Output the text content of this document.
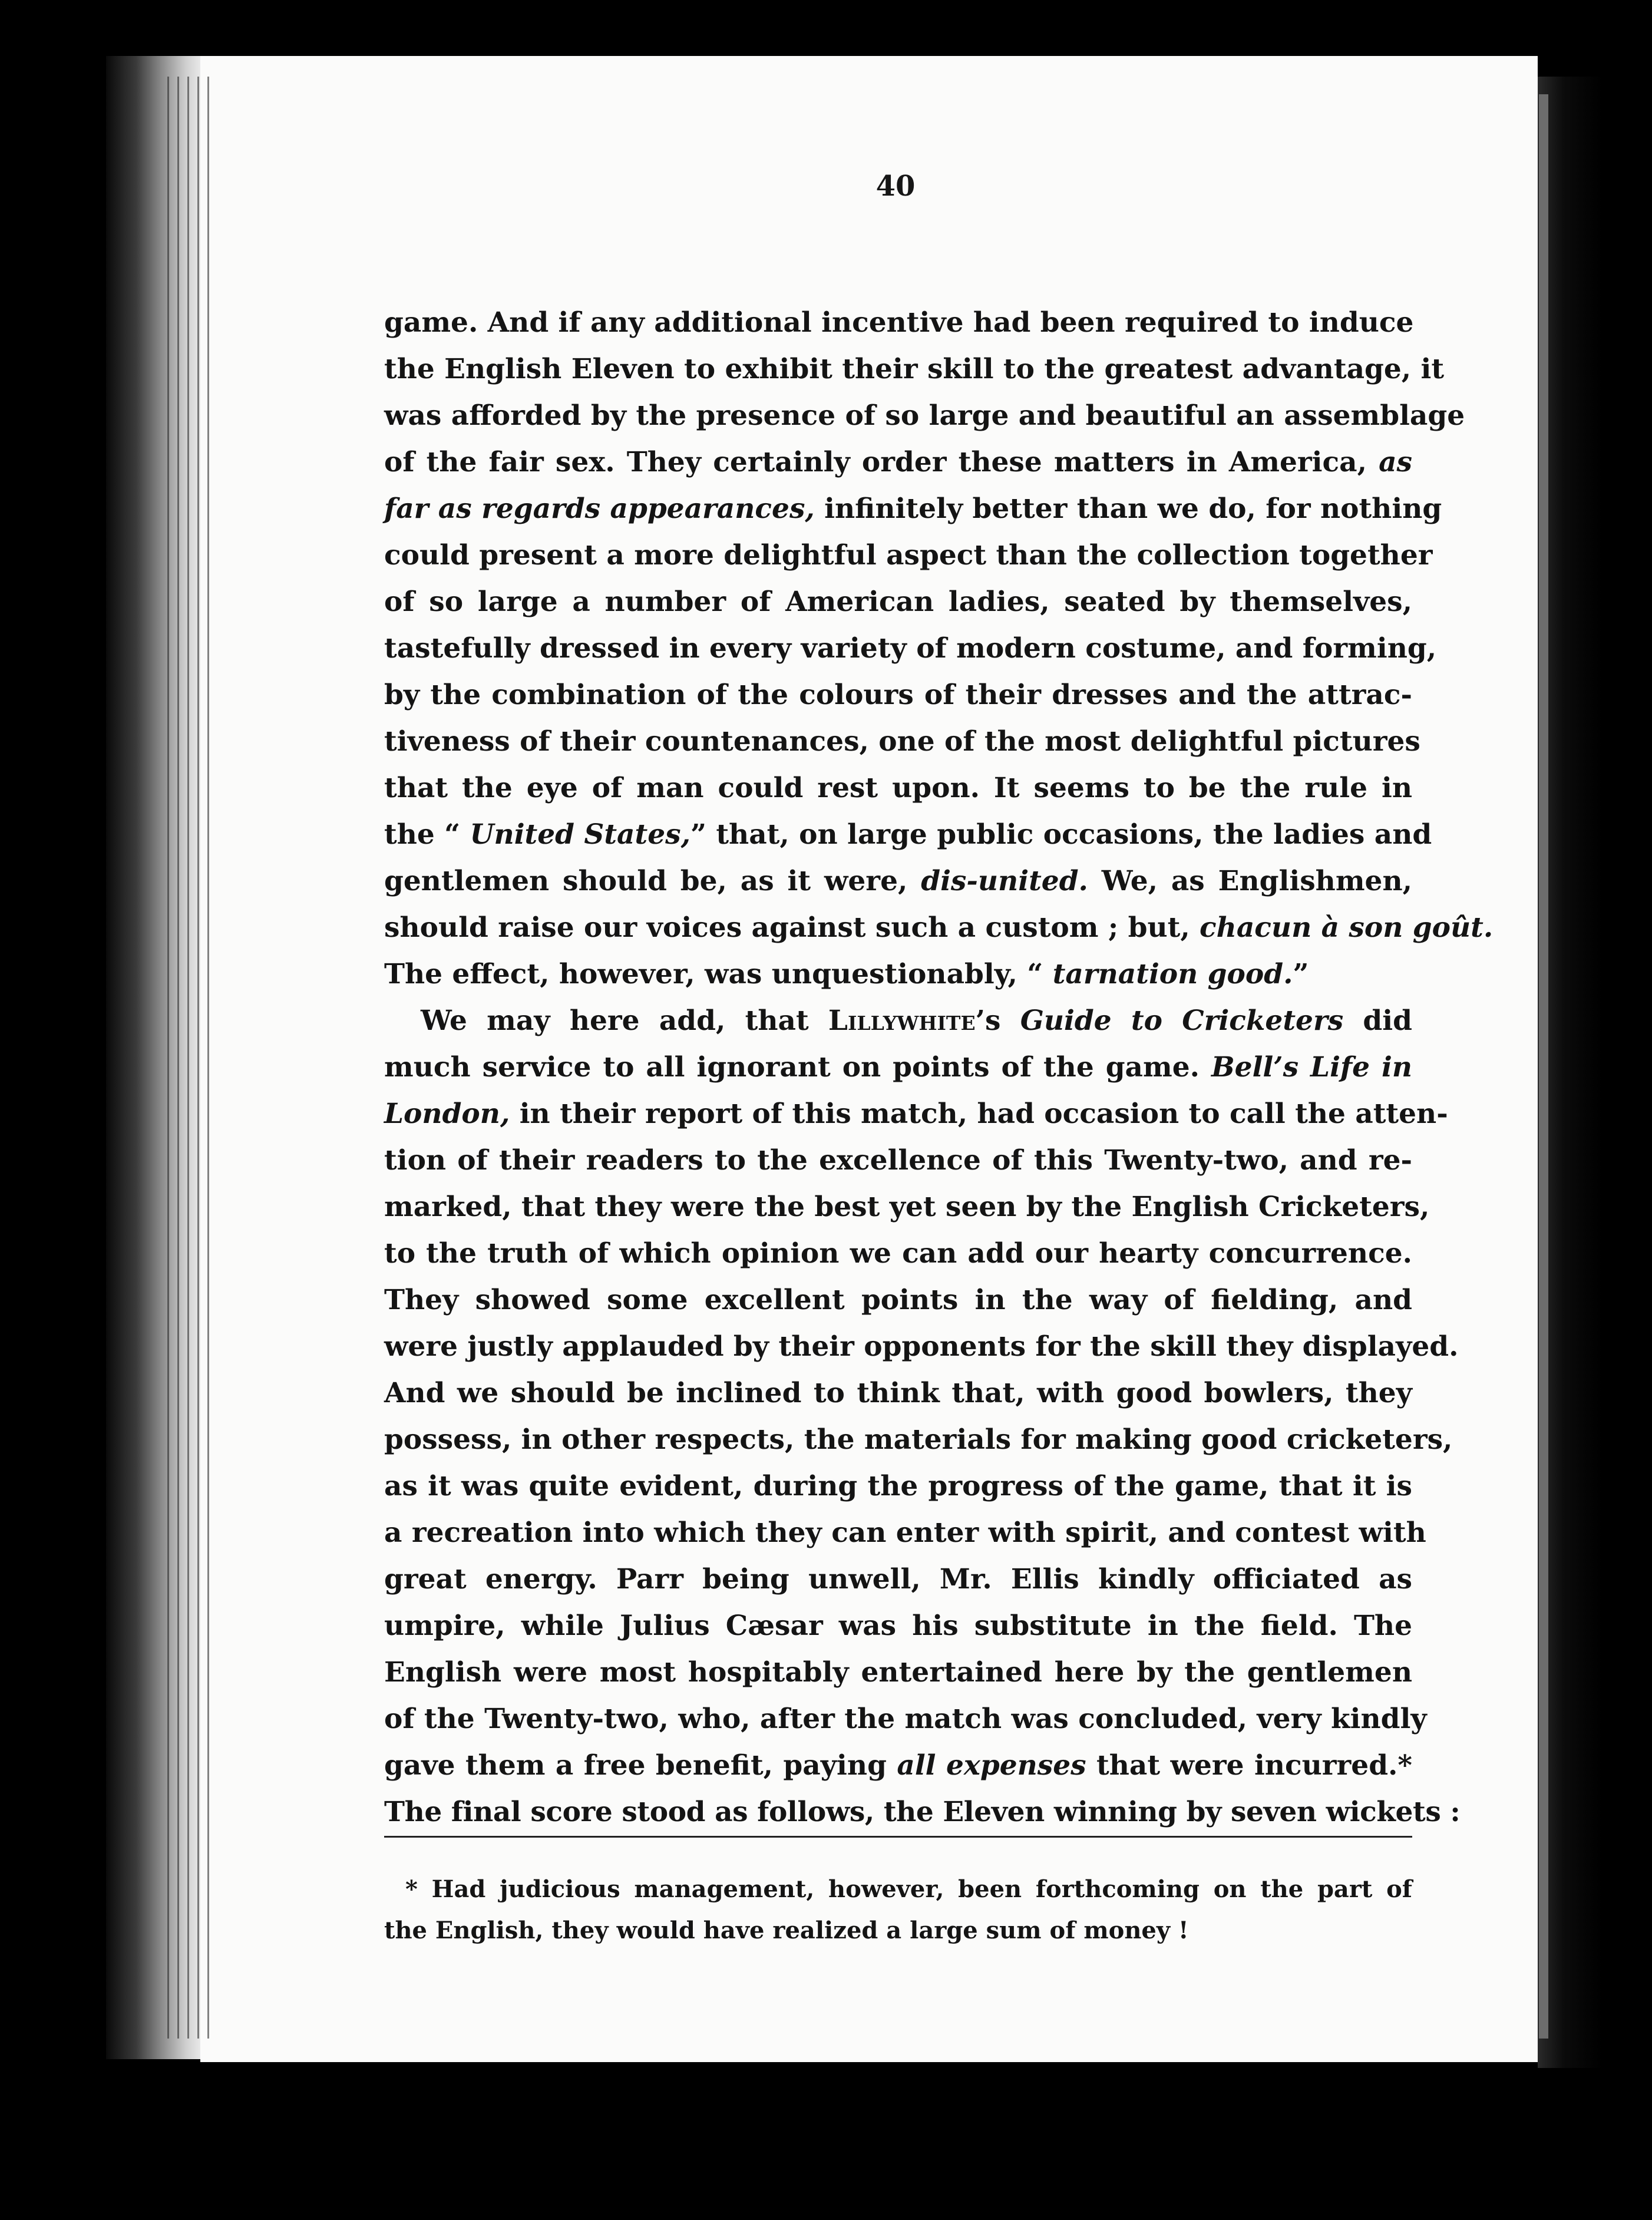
40
game. And if any additional incentive had been required to induce
the English Eleven to exhibit their skill to the greatest advantage, it
was afforded by the presence of so large and beautiful an assemblage
of the fair sex. They certainly order these matters in America, as
far as regards appearances, infinitely better than we do, for nothing
could present a more delightful aspect than the collection together
of so large a number of American ladies, seated by themselves,
tastefully dressed in every variety of modern costume, and forming,
by the combination of the colours of their dresses and the attrac-
tiveness of their countenances, one of the most delightful pictures
that the eye of man could rest upon. It seems to be the rule in
the “ United States,” that, on large public occasions, the ladies and
gentlemen should be, as it were, dis-united. We, as Englishmen,
should raise our voices against such a custom ; but, chacun à son goût.
The effect, however, was unquestionably, “ tarnation good.”
We may here add, that Lillywhite’s Guide to Cricketers did
much service to all ignorant on points of the game. Bell’s Life in
London, in their report of this match, had occasion to call the atten-
tion of their readers to the excellence of this Twenty-two, and re-
marked, that they were the best yet seen by the English Cricketers,
to the truth of which opinion we can add our hearty concurrence.
They showed some excellent points in the way of fielding, and
were justly applauded by their opponents for the skill they displayed.
And we should be inclined to think that, with good bowlers, they
possess, in other respects, the materials for making good cricketers,
as it was quite evident, during the progress of the game, that it is
a recreation into which they can enter with spirit, and contest with
great energy. Parr being unwell, Mr. Ellis kindly officiated as
umpire, while Julius Cæsar was his substitute in the field. The
English were most hospitably entertained here by the gentlemen
of the Twenty-two, who, after the match was concluded, very kindly
gave them a free benefit, paying all expenses that were incurred.*
The final score stood as follows, the Eleven winning by seven wickets :
* Had judicious management, however, been forthcoming on the part of
the English, they would have realized a large sum of money !
